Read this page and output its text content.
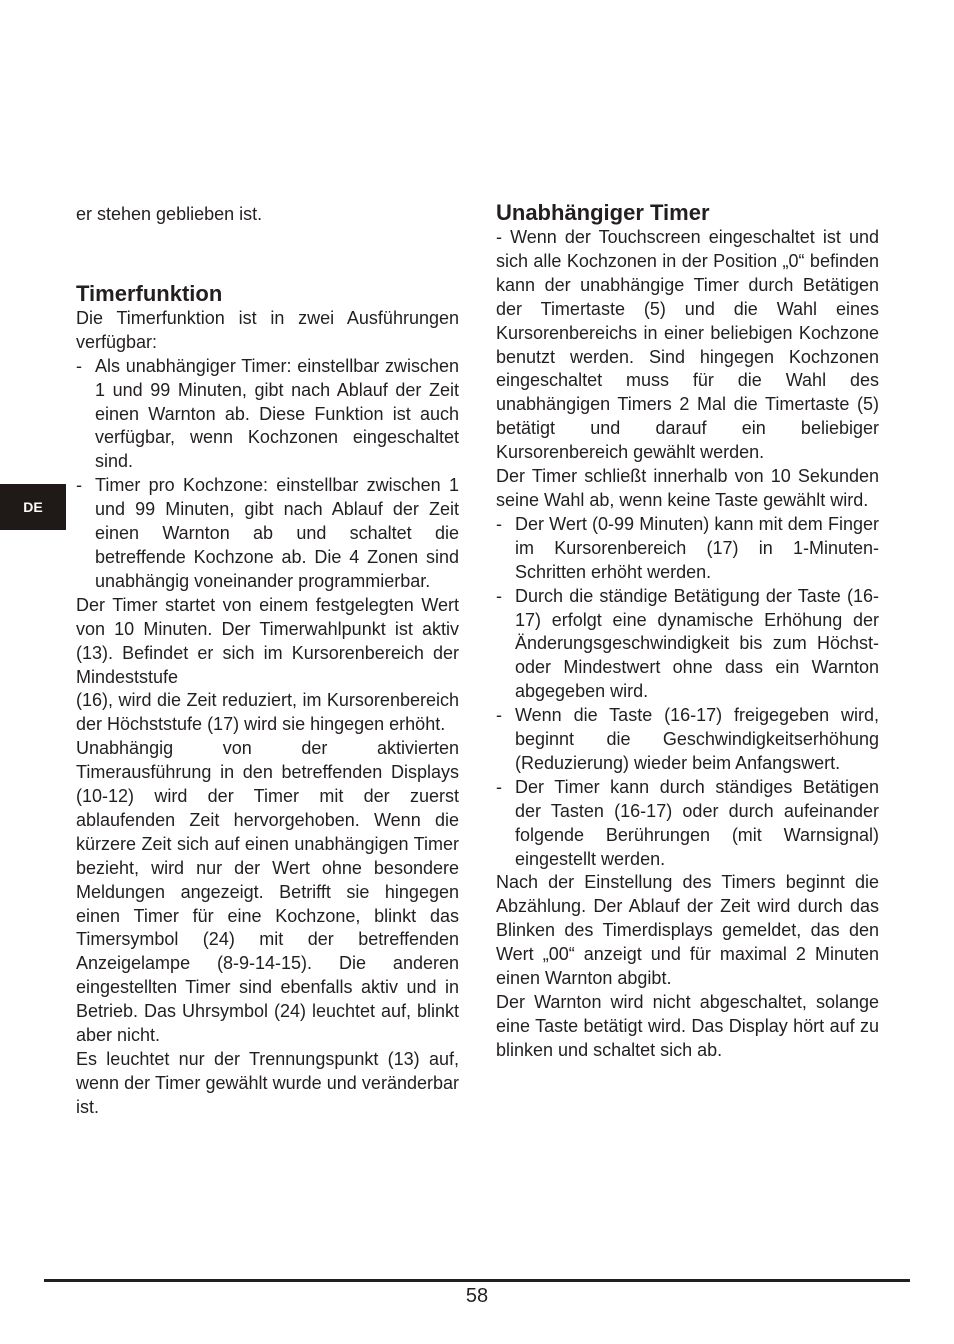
DE

er stehen geblieben ist.

Timerfunktion

Die Timerfunktion ist in zwei Ausführungen verfügbar:

- Als unabhängiger Timer: einstellbar zwischen 1 und 99 Minuten, gibt nach Ablauf der Zeit einen Warnton ab. Diese Funktion ist auch verfügbar, wenn Kochzonen eingeschaltet sind.
- Timer pro Kochzone: einstellbar zwischen 1 und 99 Minuten, gibt nach Ablauf der Zeit einen Warnton ab und schaltet die betreffende Kochzone ab. Die 4 Zonen sind unabhängig voneinander programmierbar.

Der Timer startet von einem festgelegten Wert von 10 Minuten. Der Timerwahlpunkt ist aktiv (13). Befindet er sich im Kursorenbereich der Mindeststufe

(16), wird die Zeit reduziert, im Kursorenbereich der Höchststufe (17) wird sie hingegen erhöht.

Unabhängig von der aktivierten Timerausführung in den betreffenden Displays (10-12) wird der Timer mit der zuerst ablaufenden Zeit hervorgehoben. Wenn die kürzere Zeit sich auf einen unabhängigen Timer bezieht, wird nur der Wert ohne besondere Meldungen angezeigt. Betrifft sie hingegen einen Timer für eine Kochzone, blinkt das Timersymbol (24) mit der betreffenden Anzeigelampe (8-9-14-15). Die anderen eingestellten Timer sind ebenfalls aktiv und in Betrieb. Das Uhrsymbol (24) leuchtet auf, blinkt aber nicht.

Es leuchtet nur der Trennungspunkt (13) auf, wenn der Timer gewählt wurde und veränderbar ist.

Unabhängiger Timer

- Wenn der Touchscreen eingeschaltet ist und sich alle Kochzonen in der Position „0“ befinden kann der unabhängige Timer durch Betätigen der Timertaste (5) und die Wahl eines Kursorenbereichs in einer beliebigen Kochzone benutzt werden. Sind hingegen Kochzonen eingeschaltet muss für die Wahl des unabhängigen Timers 2 Mal die Timertaste (5) betätigt und darauf ein beliebiger Kursorenbereich gewählt werden.

Der Timer schließt innerhalb von 10 Sekunden seine Wahl ab, wenn keine Taste gewählt wird.

- Der Wert (0-99 Minuten) kann mit dem Finger im Kursorenbereich (17) in 1-Minuten-Schritten erhöht werden.
- Durch die ständige Betätigung der Taste (16-17) erfolgt eine dynamische Erhöhung der Änderungsgeschwindigkeit bis zum Höchst- oder Mindestwert ohne dass ein Warnton abgegeben wird.
- Wenn die Taste (16-17) freigegeben wird, beginnt die Geschwindigkeitserhöhung (Reduzierung) wieder beim Anfangswert.
- Der Timer kann durch ständiges Betätigen der Tasten (16-17) oder durch aufeinander folgende Berührungen (mit Warnsignal) eingestellt werden.

Nach der Einstellung des Timers beginnt die Abzählung. Der Ablauf der Zeit wird durch das Blinken des Timerdisplays gemeldet, das den Wert „00“ anzeigt und für maximal 2 Minuten einen Warnton abgibt.

Der Warnton wird nicht abgeschaltet, solange eine Taste betätigt wird. Das Display hört auf zu blinken und schaltet sich ab.

58
